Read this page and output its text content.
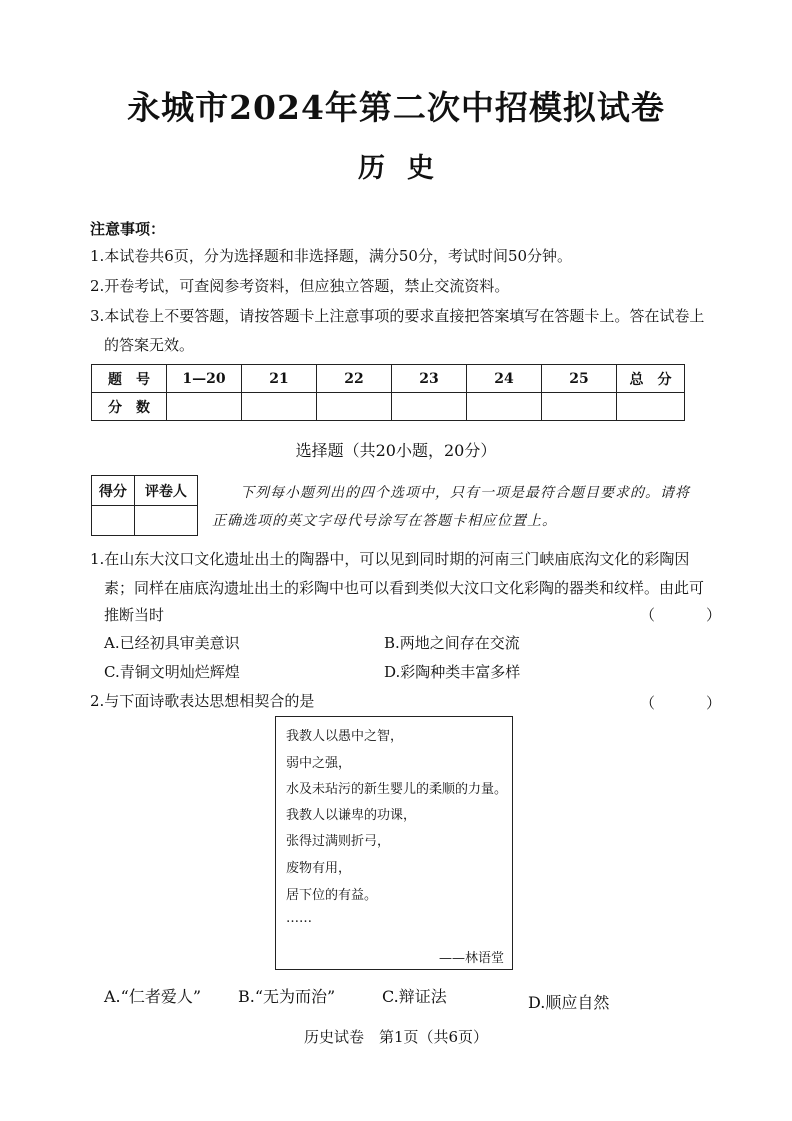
永城市2024年第二次中招模拟试卷
历史
注意事项：
1.本试卷共6页，分为选择题和非选择题，满分50分，考试时间50分钟。
2.开卷考试，可查阅参考资料，但应独立答题，禁止交流资料。
3.本试卷上不要答题，请按答题卡上注意事项的要求直接把答案填写在答题卡上。答在试卷上
的答案无效。
题　号	1—20	21	22	23	24	25	总　分
分　数							
选择题（共20小题，20分）
得分	评卷人
		下列每小题列出的四个选项中，只有一项是最符合题目要求的。请将
正确选项的英文字母代号涂写在答题卡相应位置上。
1.在山东大汶口文化遗址出土的陶器中，可以见到同时期的河南三门峡庙底沟文化的彩陶因
素；同样在庙底沟遗址出土的彩陶中也可以看到类似大汶口文化彩陶的器类和纹样。由此可
推断当时	（　）
A.已经初具审美意识	B.两地之间存在交流
C.青铜文明灿烂辉煌	D.彩陶种类丰富多样
2.与下面诗歌表达思想相契合的是	（　）
我教人以愚中之智，
弱中之强，
水及未玷污的新生婴儿的柔顺的力量。
我教人以谦卑的功课，
张得过满则折弓，
废物有用，
居下位的有益。
……
——林语堂
A.“仁者爱人” B.“无为而治”	C.辩证法	D.顺应自然
历史试卷　第1页（共6页）
